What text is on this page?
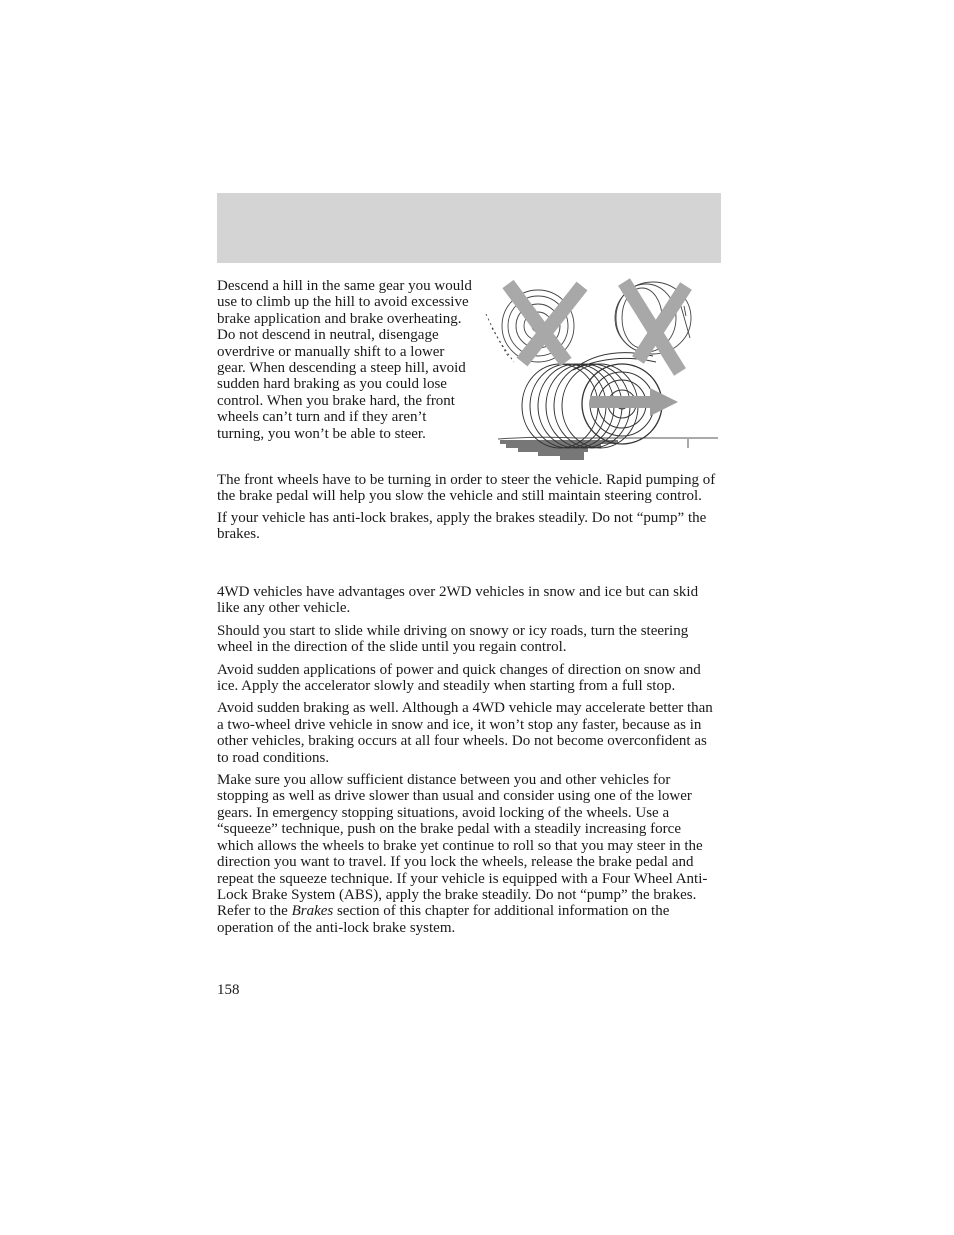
Descend a hill in the same gear you would use to climb up the hill to avoid excessive brake application and brake overheating. Do not descend in neutral, disengage overdrive or manually shift to a lower gear. When descending a steep hill, avoid sudden hard braking as you could lose control. When you brake hard, the front wheels can’t turn and if they aren’t turning, you won’t be able to steer.

The front wheels have to be turning in order to steer the vehicle. Rapid pumping of the brake pedal will help you slow the vehicle and still maintain steering control.

If your vehicle has anti-lock brakes, apply the brakes steadily. Do not “pump” the brakes.

4WD vehicles have advantages over 2WD vehicles in snow and ice but can skid like any other vehicle.

Should you start to slide while driving on snowy or icy roads, turn the steering wheel in the direction of the slide until you regain control.

Avoid sudden applications of power and quick changes of direction on snow and ice. Apply the accelerator slowly and steadily when starting from a full stop.

Avoid sudden braking as well. Although a 4WD vehicle may accelerate better than a two-wheel drive vehicle in snow and ice, it won’t stop any faster, because as in other vehicles, braking occurs at all four wheels. Do not become overconfident as to road conditions.

Make sure you allow sufficient distance between you and other vehicles for stopping as well as drive slower than usual and consider using one of the lower gears. In emergency stopping situations, avoid locking of the wheels. Use a “squeeze” technique, push on the brake pedal with a steadily increasing force which allows the wheels to brake yet continue to roll so that you may steer in the direction you want to travel. If you lock the wheels, release the brake pedal and repeat the squeeze technique. If your vehicle is equipped with a Four Wheel Anti-Lock Brake System (ABS), apply the brake steadily. Do not “pump” the brakes. Refer to the Brakes section of this chapter for additional information on the operation of the anti-lock brake system.

158
